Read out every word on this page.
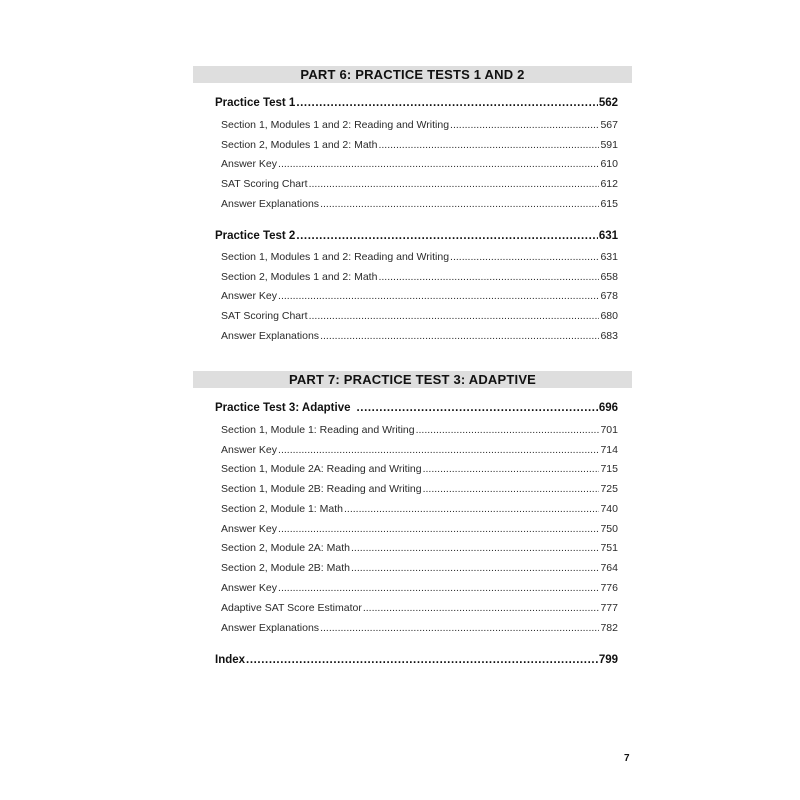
PART 6: PRACTICE TESTS 1 AND 2
Practice Test 1 .....	562
Section 1, Modules 1 and 2: Reading and Writing .....	567
Section 2, Modules 1 and 2: Math .....	591
Answer Key .....	610
SAT Scoring Chart .....	612
Answer Explanations .....	615
Practice Test 2 .....	631
Section 1, Modules 1 and 2: Reading and Writing .....	631
Section 2, Modules 1 and 2: Math .....	658
Answer Key .....	678
SAT Scoring Chart .....	680
Answer Explanations .....	683
PART 7: PRACTICE TEST 3: ADAPTIVE
Practice Test 3: Adaptive .....	696
Section 1, Module 1: Reading and Writing .....	701
Answer Key .....	714
Section 1, Module 2A: Reading and Writing .....	715
Section 1, Module 2B: Reading and Writing .....	725
Section 2, Module 1: Math .....	740
Answer Key .....	750
Section 2, Module 2A: Math .....	751
Section 2, Module 2B: Math .....	764
Answer Key .....	776
Adaptive SAT Score Estimator .....	777
Answer Explanations .....	782
Index .....	799
7
